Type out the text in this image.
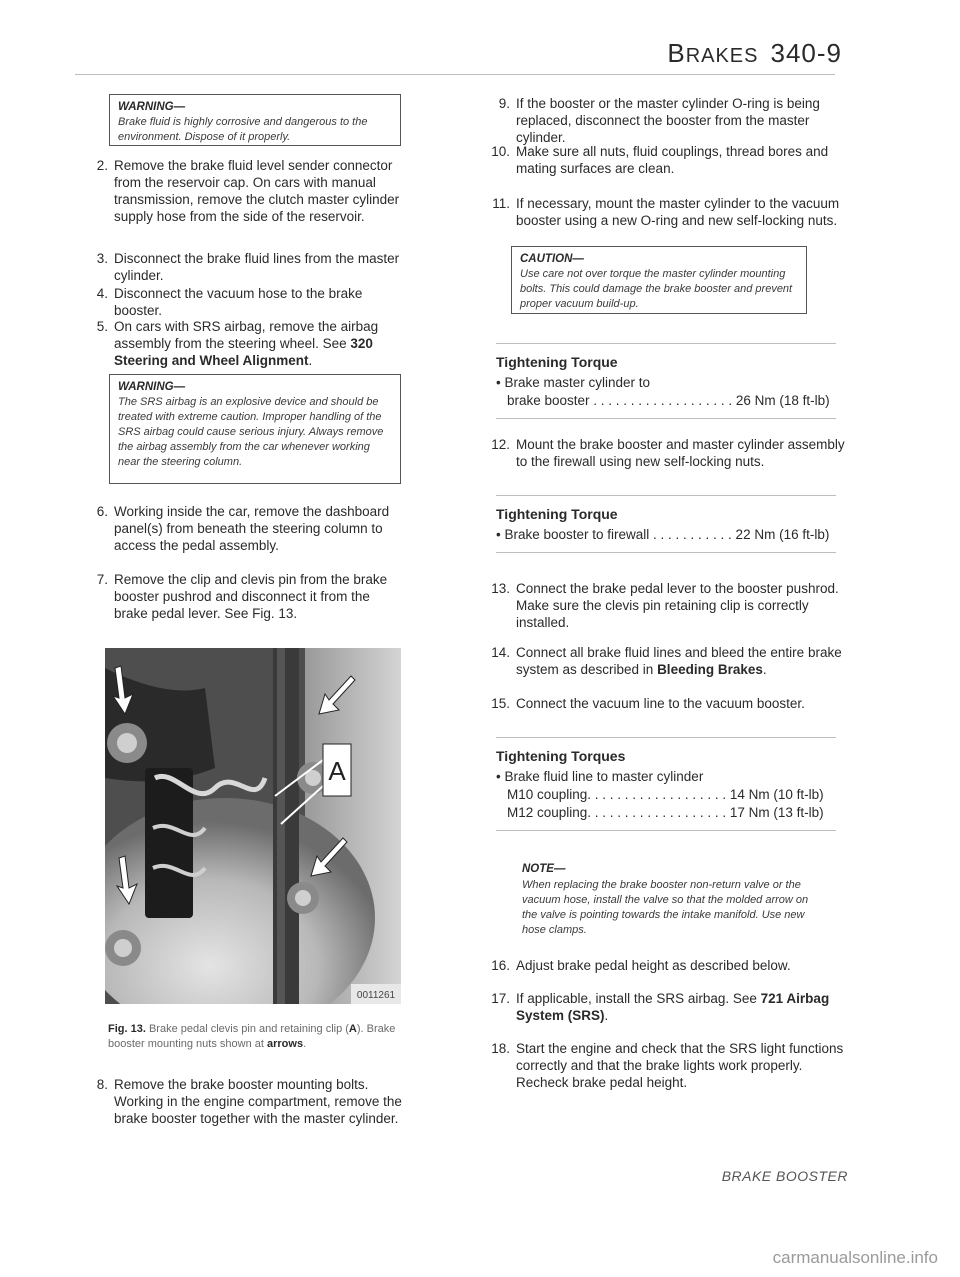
BRAKES 340-9
WARNING—
Brake fluid is highly corrosive and dangerous to the environment. Dispose of it properly.
2. Remove the brake fluid level sender connector from the reservoir cap. On cars with manual transmission, remove the clutch master cylinder supply hose from the side of the reservoir.
3. Disconnect the brake fluid lines from the master cylinder.
4. Disconnect the vacuum hose to the brake booster.
5. On cars with SRS airbag, remove the airbag assembly from the steering wheel. See 320 Steering and Wheel Alignment.
WARNING—
The SRS airbag is an explosive device and should be treated with extreme caution. Improper handling of the SRS airbag could cause serious injury. Always remove the airbag assembly from the car whenever working near the steering column.
6. Working inside the car, remove the dashboard panel(s) from beneath the steering column to access the pedal assembly.
7. Remove the clip and clevis pin from the brake booster pushrod and disconnect it from the brake pedal lever. See Fig. 13.
A
0011261
Fig. 13. Brake pedal clevis pin and retaining clip (A). Brake booster mounting nuts shown at arrows.
8. Remove the brake booster mounting bolts. Working in the engine compartment, remove the brake booster together with the master cylinder.
9. If the booster or the master cylinder O-ring is being replaced, disconnect the booster from the master cylinder.
10. Make sure all nuts, fluid couplings, thread bores and mating surfaces are clean.
11. If necessary, mount the master cylinder to the vacuum booster using a new O-ring and new self-locking nuts.
CAUTION—
Use care not over torque the master cylinder mounting bolts. This could damage the brake booster and prevent proper vacuum build-up.
Tightening Torque
• Brake master cylinder to
brake booster . . . . . . . . . . . . . . . . . . . 26 Nm (18 ft-lb)
12. Mount the brake booster and master cylinder assembly to the firewall using new self-locking nuts.
Tightening Torque
• Brake booster to firewall . . . . . . . . . . . 22 Nm (16 ft-lb)
13. Connect the brake pedal lever to the booster pushrod. Make sure the clevis pin retaining clip is correctly installed.
14. Connect all brake fluid lines and bleed the entire brake system as described in Bleeding Brakes.
15. Connect the vacuum line to the vacuum booster.
Tightening Torques
• Brake fluid line to master cylinder
M10 coupling. . . . . . . . . . . . . . . . . . . 14 Nm (10 ft-lb)
M12 coupling. . . . . . . . . . . . . . . . . . . 17 Nm (13 ft-lb)
NOTE—
When replacing the brake booster non-return valve or the vacuum hose, install the valve so that the molded arrow on the valve is pointing towards the intake manifold. Use new hose clamps.
16. Adjust brake pedal height as described below.
17. If applicable, install the SRS airbag. See 721 Airbag System (SRS).
18. Start the engine and check that the SRS light functions correctly and that the brake lights work properly. Recheck brake pedal height.
BRAKE BOOSTER
carmanualsonline.info
